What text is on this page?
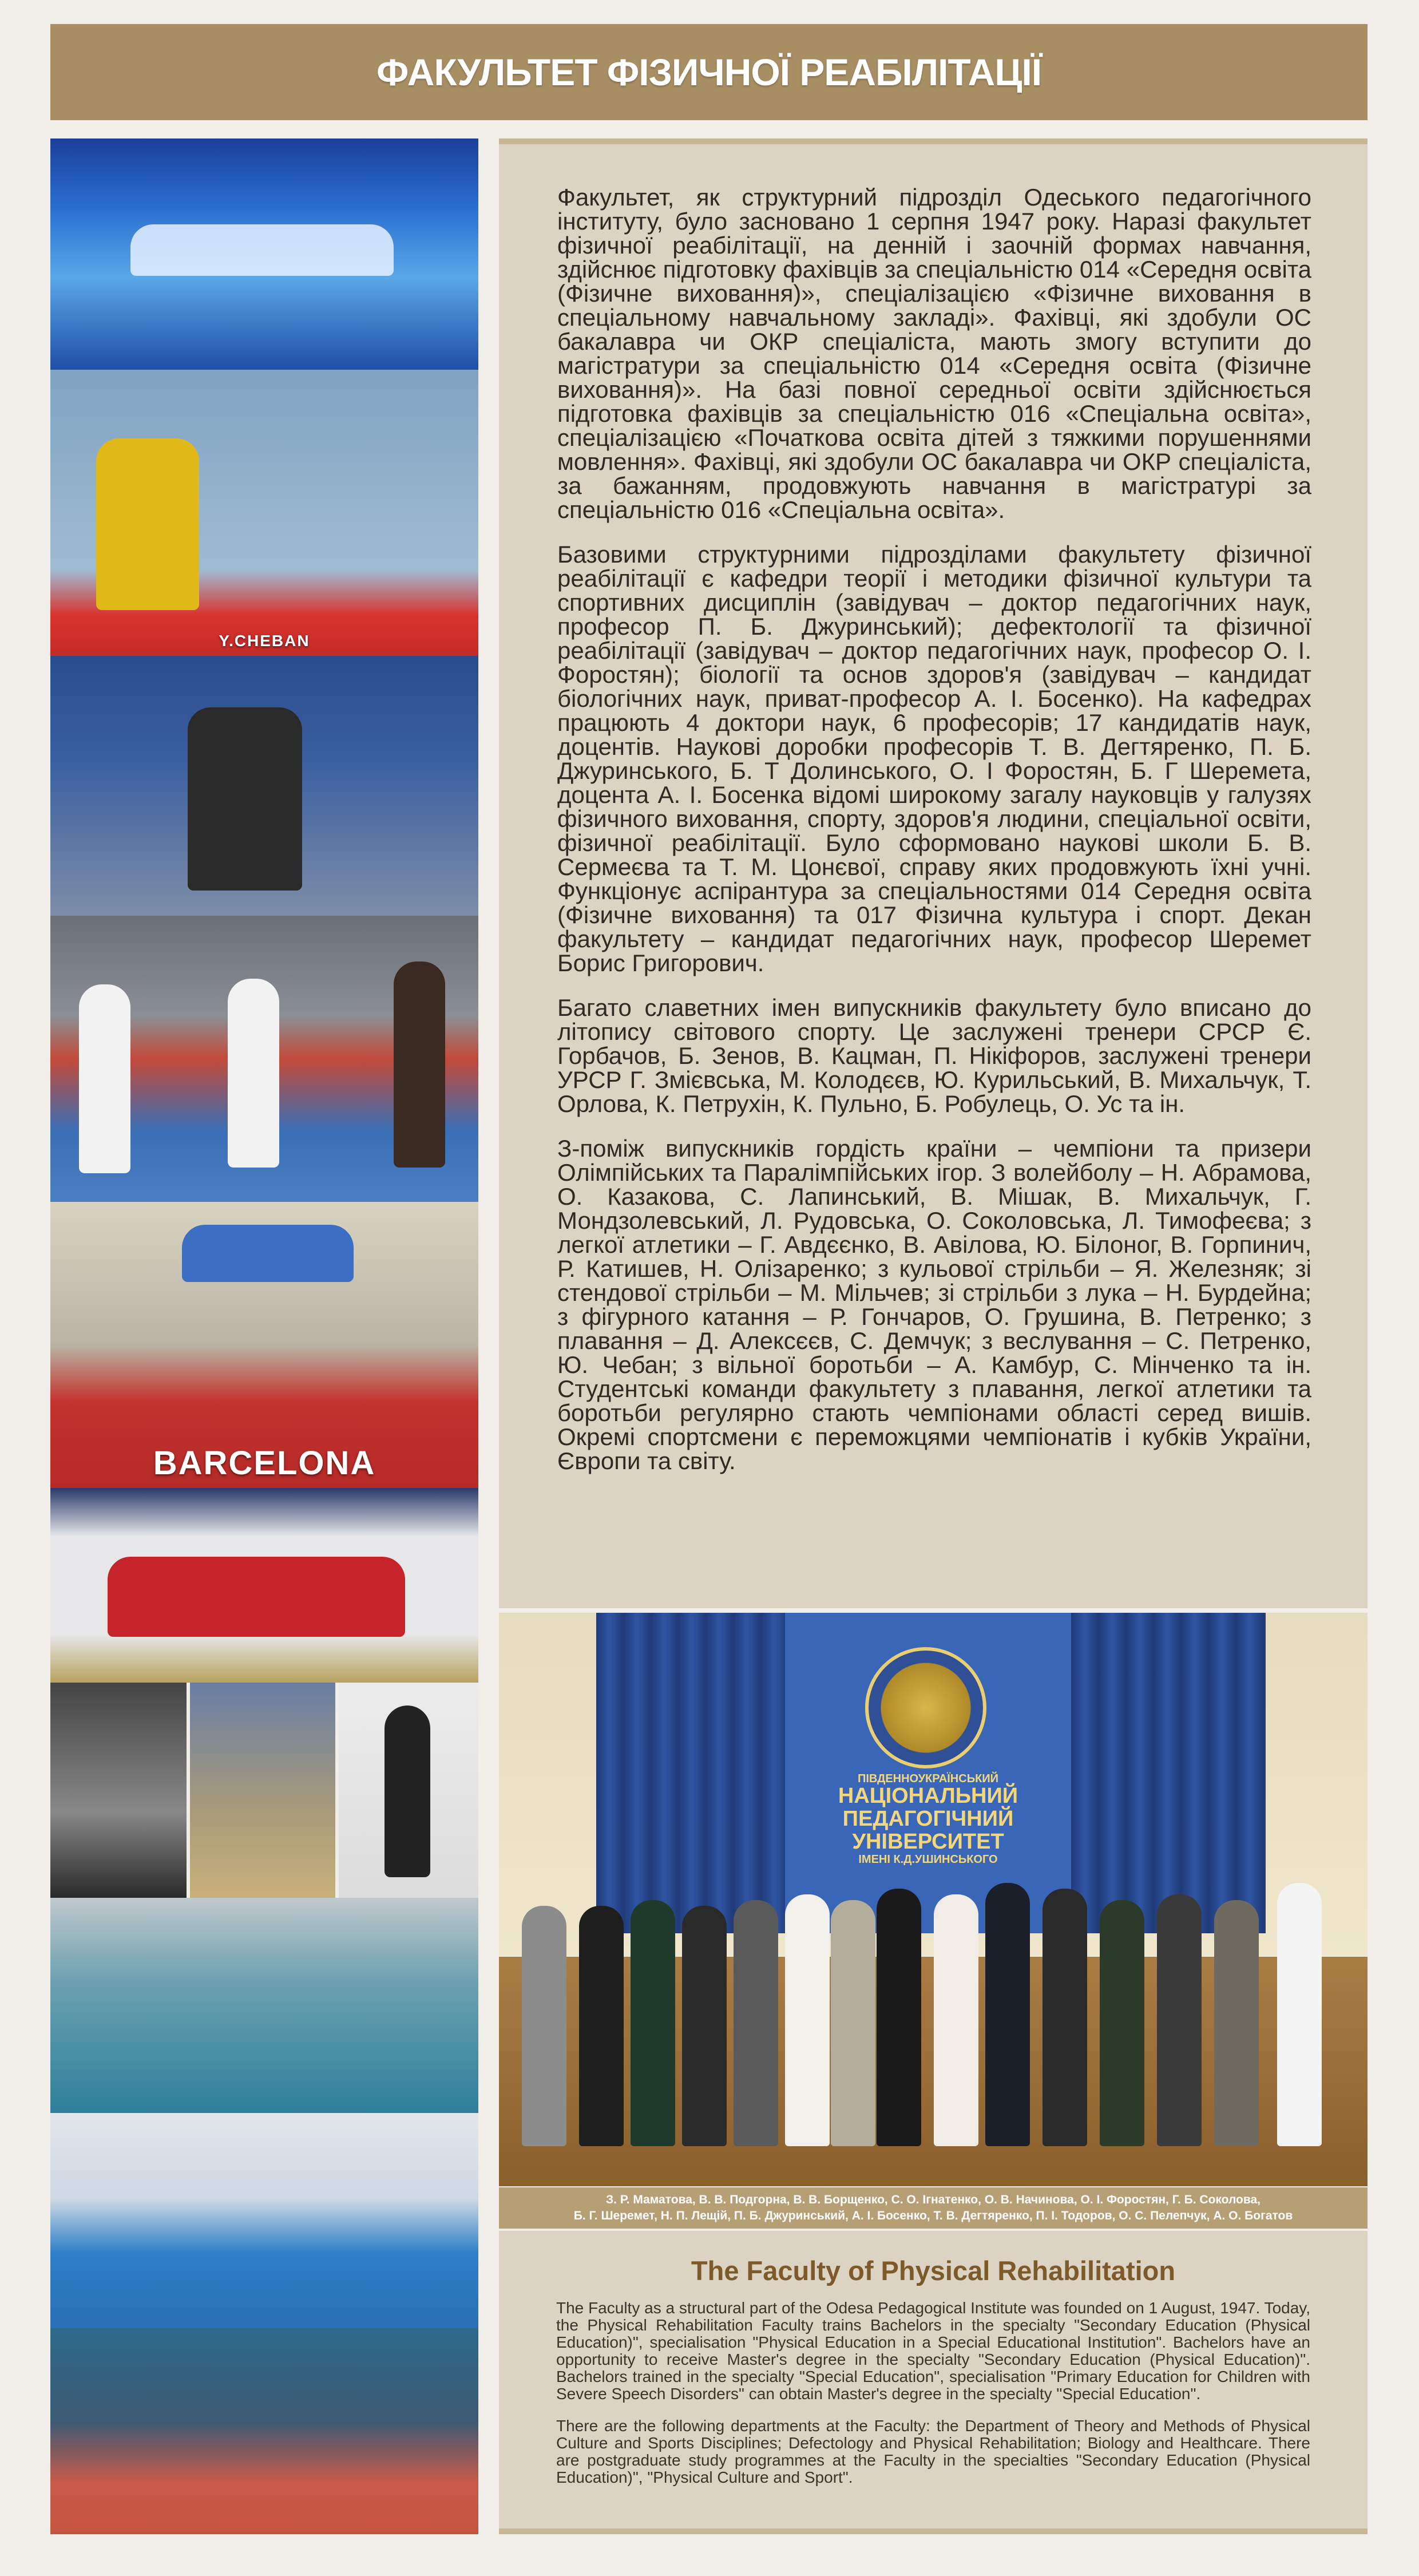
ФАКУЛЬТЕТ ФІЗИЧНОЇ РЕАБІЛІТАЦІЇ
Y.CHEBAN
BARCELONA

Факультет, як структурний підрозділ Одеського педагогічного інституту, було засновано 1 серпня 1947 року. Наразі факультет фізичної реабілітації, на денній і заочній формах навчання, здійснює підготовку фахівців за спеціальністю 014 «Середня освіта (Фізичне виховання)», спеціалізацією «Фізичне виховання в спеціальному навчальному закладі». Фахівці, які здобули ОС бакалавра чи ОКР спеціаліста, мають змогу вступити до магістратури за спеціальністю 014 «Середня освіта (Фізичне виховання)». На базі повної середньої освіти здійснюється підготовка фахівців за спеціальністю 016 «Спеціальна освіта», спеціалізацією «Початкова освіта дітей з тяжкими порушеннями мовлення». Фахівці, які здобули ОС бакалавра чи ОКР спеціаліста, за бажанням, продовжують навчання в магістратурі за спеціальністю 016 «Спеціальна освіта».

Базовими структурними підрозділами факультету фізичної реабілітації є кафедри теорії і методики фізичної культури та спортивних дисциплін (завідувач – доктор педагогічних наук, професор П. Б. Джуринський); дефектології та фізичної реабілітації (завідувач – доктор педагогічних наук, професор О. І. Форостян); біології та основ здоров'я (завідувач – кандидат біологічних наук, приват-професор А. І. Босенко). На кафедрах працюють 4 доктори наук, 6 професорів; 17 кандидатів наук, доцентів. Наукові доробки професорів Т. В. Дегтяренко, П. Б. Джуринського, Б. Т Долинського, О. І Форостян, Б. Г Шеремета, доцента А. І. Босенка відомі широкому загалу науковців у галузях фізичного виховання, спорту, здоров'я людини, спеціальної освіти, фізичної реабілітації. Було сформовано наукові школи Б. В. Сермеєва та Т. М. Цонєвої, справу яких продовжують їхні учні. Функціонує аспірантура за спеціальностями 014 Середня освіта (Фізичне виховання) та 017 Фізична культура і спорт. Декан факультету – кандидат педагогічних наук, професор Шеремет Борис Григорович.

Багато славетних імен випускників факультету було вписано до літопису світового спорту. Це заслужені тренери СРСР Є. Горбачов, Б. Зенов, В. Кацман, П. Нікіфоров, заслужені тренери УРСР Г. Змієвська, М. Колодєєв, Ю. Курильський, В. Михальчук, Т. Орлова, К. Петрухін, К. Пульно, Б. Робулець, О. Ус та ін.

З-поміж випускників гордість країни – чемпіони та призери Олімпійських та Паралімпійських ігор. З волейболу – Н. Абрамова, О. Казакова, С. Лапинський, В. Мішак, В. Михальчук, Г. Мондзолевський, Л. Рудовська, О. Соколовська, Л. Тимофеєва; з легкої атлетики – Г. Авдєєнко, В. Авілова, Ю. Білоног, В. Горпинич, Р. Катишев, Н. Олізаренко; з кульової стрільби – Я. Железняк; зі стендової стрільби – М. Мільчев; зі стрільби з лука – Н. Бурдейна; з фігурного катання – Р. Гончаров, О. Грушина, В. Петренко; з плавання – Д. Алексєєв, С. Демчук; з веслування – С. Петренко, Ю. Чебан; з вільної боротьби – А. Камбур, С. Мінченко та ін. Студентські команди факультету з плавання, легкої атлетики та боротьби регулярно стають чемпіонами області серед вишів. Окремі спортсмени є переможцями чемпіонатів і кубків України, Європи та світу.

ПІВДЕННОУКРАЇНСЬКИЙ
НАЦІОНАЛЬНИЙ
ПЕДАГОГІЧНИЙ
УНІВЕРСИТЕТ
ІМЕНІ К.Д.УШИНСЬКОГО
З. Р. Маматова, В. В. Подгорна, В. В. Борщенко, С. О. Ігнатенко, О. В. Начинова, О. І. Форостян, Г. Б. Соколова,
Б. Г. Шеремет, Н. П. Лещій, П. Б. Джуринський, А. І. Босенко, Т. В. Дегтяренко, П. І. Тодоров, О. С. Пелепчук, А. О. Богатов
The Faculty of Physical Rehabilitation

The Faculty as a structural part of the Odesa Pedagogical Institute was founded on 1 August, 1947. Today, the Physical Rehabilitation Faculty trains Bachelors in the specialty "Secondary Education (Physical Education)", specialisation "Physical Education in a Special Educational Institution". Bachelors have an opportunity to receive Master's degree in the specialty "Secondary Education (Physical Education)". Bachelors trained in the specialty "Special Education", specialisation "Primary Education for Children with Severe Speech Disorders" can obtain Master's degree in the specialty "Special Education".

There are the following departments at the Faculty: the Department of Theory and Methods of Physical Culture and Sports Disciplines; Defectology and Physical Rehabilitation; Biology and Healthcare. There are postgraduate study programmes at the Faculty in the specialties "Secondary Education (Physical Education)", "Physical Culture and Sport".
